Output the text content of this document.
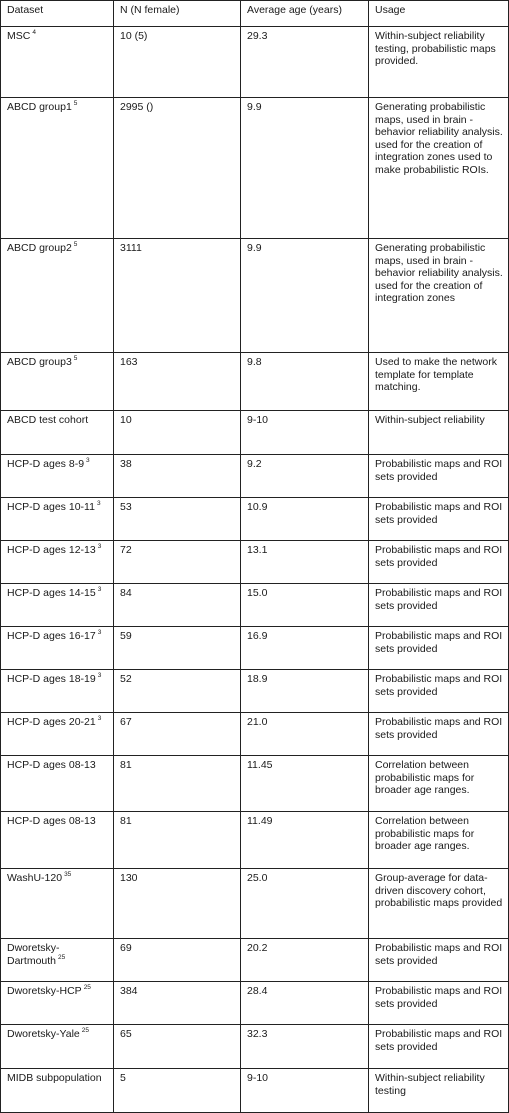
Dataset	N (N female)	Average age (years)	Usage
MSC $^4$	10 (5)	29.3	Within-subject reliability testing, probabilistic maps provided.
ABCD group1 $^5$	2995 ()	9.9	Generating probabilistic maps, used in brain -behavior reliability analysis. used for the creation of integration zones used to make probabilistic ROIs.
ABCD group2 $^5$	3111	9.9	Generating probabilistic maps, used in brain -behavior reliability analysis. used for the creation of integration zones
ABCD group3 $^5$	163	9.8	Used to make the network template for template matching.
ABCD test cohort	10	9-10	Within-subject reliability
HCP-D ages 8-9 $^3$	38	9.2	Probabilistic maps and ROI sets provided
HCP-D ages 10-11 $^3$	53	10.9	Probabilistic maps and ROI sets provided
HCP-D ages 12-13 $^3$	72	13.1	Probabilistic maps and ROI sets provided
HCP-D ages 14-15 $^3$	84	15.0	Probabilistic maps and ROI sets provided
HCP-D ages 16-17 $^3$	59	16.9	Probabilistic maps and ROI sets provided
HCP-D ages 18-19 $^3$	52	18.9	Probabilistic maps and ROI sets provided
HCP-D ages 20-21 $^3$	67	21.0	Probabilistic maps and ROI sets provided
HCP-D ages 08-13	81	11.45	Correlation between probabilistic maps for broader age ranges.
HCP-D ages 08-13	81	11.49	Correlation between probabilistic maps for broader age ranges.
WashU-120 $^{35}$	130	25.0	Group-average for data-driven discovery cohort, probabilistic maps provided
Dworetsky-Dartmouth $^{25}$	69	20.2	Probabilistic maps and ROI sets provided
Dworetsky-HCP $^{25}$	384	28.4	Probabilistic maps and ROI sets provided
Dworetsky-Yale $^{25}$	65	32.3	Probabilistic maps and ROI sets provided
MIDB subpopulation	5	9-10	Within-subject reliability testing
